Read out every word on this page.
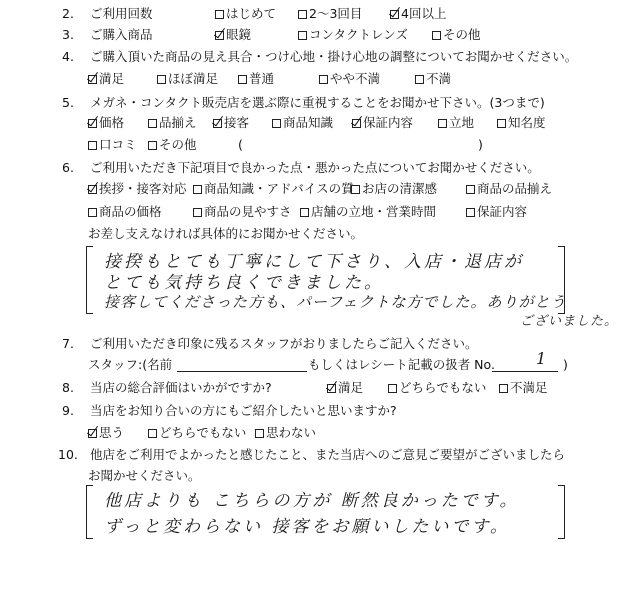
2. ご利用回数	はじめて	2～3回目	4回以上
3. ご購入商品	眼鏡	コンタクトレンズ	その他
4. ご購入頂いた商品の見え具合・つけ心地・掛け心地の調整についてお聞かせください。
満足	ほぼ満足	普通	やや不満	不満
5. メガネ・コンタクト販売店を選ぶ際に重視することをお聞かせ下さい。(3つまで)
価格	品揃え	接客	商品知識	保証内容	立地	知名度
口コミ	その他	(	)
6. ご利用いただき下記項目で良かった点・悪かった点についてお聞かせください。
挨拶・接客対応	商品知識・アドバイスの質 お店の清潔感	商品の品揃え
商品の価格	商品の見やすさ	店舗の立地・営業時間	保証内容
お差し支えなければ具体的にお聞かせください。
接揆もとても丁寧にして下さり、入店・退店が
とても気持ち良くできました。
接客してくださった方も、パーフェクトな方でした。ありがとう
ございました。
7. ご利用いただき印象に残るスタッフがおりましたらご記入ください。
スタッフ:(名前	もしくはレシート記載の扱者 No.	1 )
8. 当店の総合評価はいかがですか?	満足	どちらでもない	不満足
9. 当店をお知り合いの方にもご紹介したいと思いますか?
思う	どちらでもない	思わない
10. 他店をご利用でよかったと感じたこと、また当店へのご意見ご要望がございましたら
お聞かせください。
他店よりも こちらの方が 断然良かったです。
ずっと変わらない 接客をお願いしたいです。
